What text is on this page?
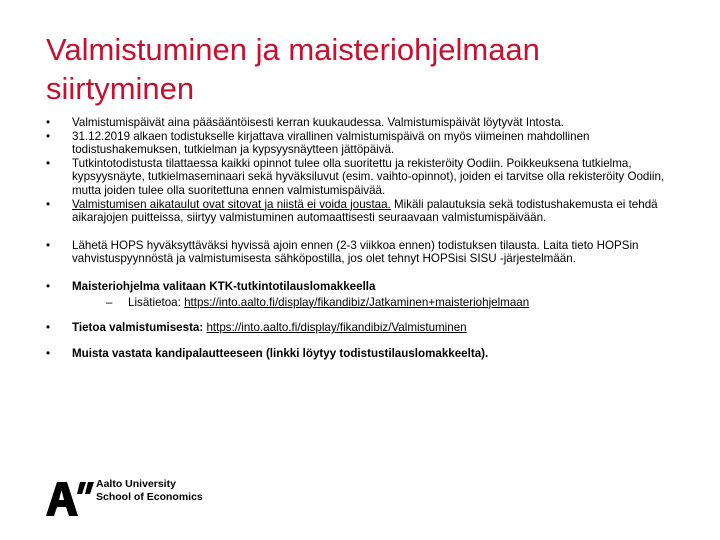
Valmistuminen ja maisteriohjelmaan siirtyminen
•	Valmistumispäivät aina pääsääntöisesti kerran kuukaudessa. Valmistumispäivät löytyvät Intosta.
•	31.12.2019 alkaen todistukselle kirjattava virallinen valmistumispäivä on myös viimeinen mahdollinen todistushakemuksen, tutkielman ja kypsyysnäytteen jättöpäivä.
•	Tutkintotodistusta tilattaessa kaikki opinnot tulee olla suoritettu ja rekisteröity Oodiin. Poikkeuksena tutkielma, kypsyysnäyte, tutkielmaseminaari sekä hyväksiluvut (esim. vaihto-opinnot), joiden ei tarvitse olla rekisteröity Oodiin, mutta joiden tulee olla suoritettuna ennen valmistumispäivää.
•	Valmistumisen aikataulut ovat sitovat ja niistä ei voida joustaa. Mikäli palautuksia sekä todistushakemusta ei tehdä aikarajojen puitteissa, siirtyy valmistuminen automaattisesti seuraavaan valmistumispäivään.
•	Lähetä HOPS hyväksyttäväksi hyvissä ajoin ennen (2-3 viikkoa ennen) todistuksen tilausta. Laita tieto HOPSin vahvistuspyynnöstä ja valmistumisesta sähköpostilla, jos olet tehnyt HOPSisi SISU -järjestelmään.
•	Maisteriohjelma valitaan KTK-tutkintotilauslomakkeella
– Lisätietoa: https://into.aalto.fi/display/fikandibiz/Jatkaminen+maisteriohjelmaan
•	Tietoa valmistumisesta: https://into.aalto.fi/display/fikandibiz/Valmistuminen
•	Muista vastata kandipalautteeseen (linkki löytyy todistustilauslomakkeelta).
Aalto University
School of Economics
